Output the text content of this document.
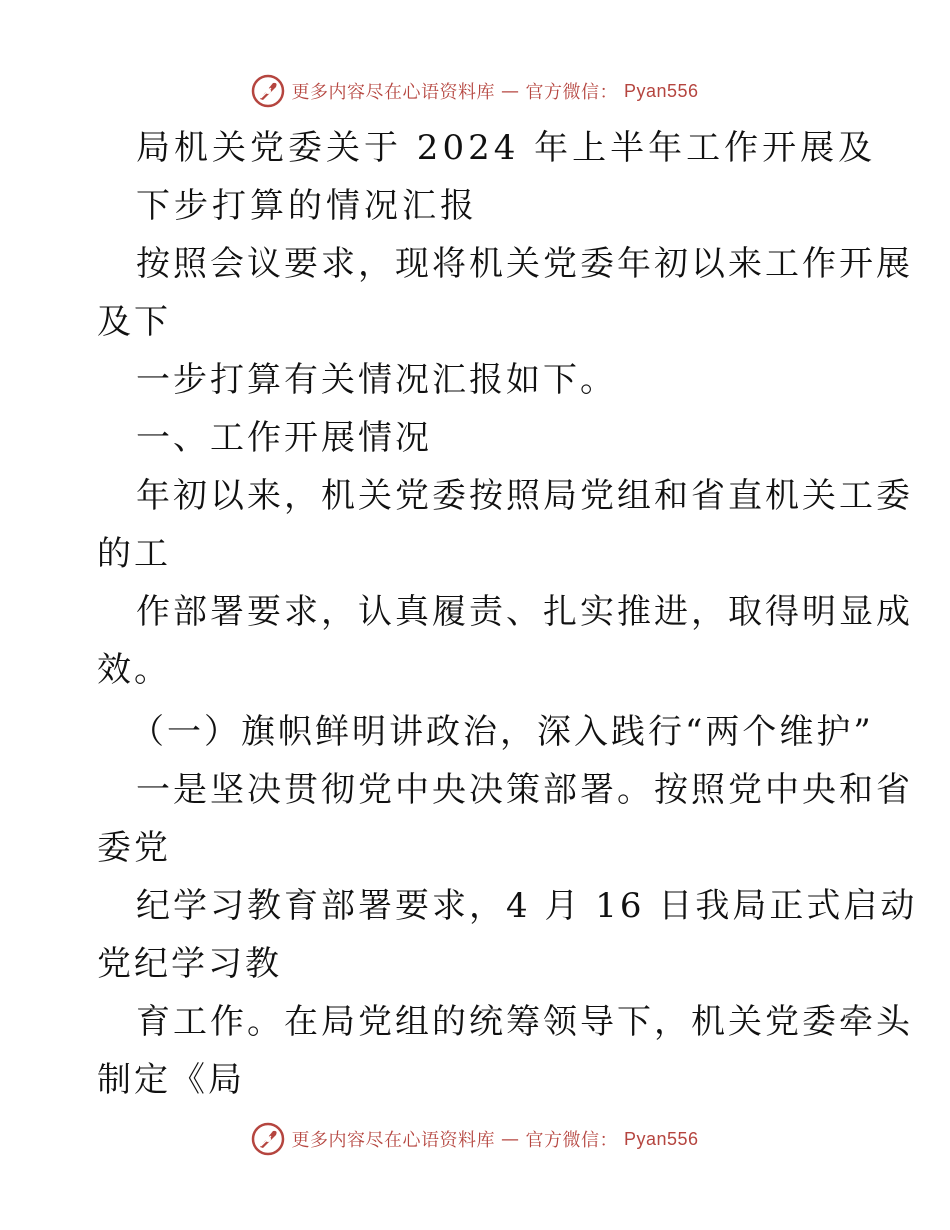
更多内容尽在心语资料库 — 官方微信： Pyan556
局机关党委关于 2024 年上半年工作开展及
下步打算的情况汇报
按照会议要求，现将机关党委年初以来工作开展
及下
一步打算有关情况汇报如下。
一、工作开展情况
年初以来，机关党委按照局党组和省直机关工委
的工
作部署要求，认真履责、扎实推进，取得明显成
效。
（一）旗帜鲜明讲政治，深入践行“两个维护”
一是坚决贯彻党中央决策部署。按照党中央和省
委党
纪学习教育部署要求，4 月 16 日我局正式启动
党纪学习教
育工作。在局党组的统筹领导下，机关党委牵头
制定《局
更多内容尽在心语资料库 — 官方微信： Pyan556
